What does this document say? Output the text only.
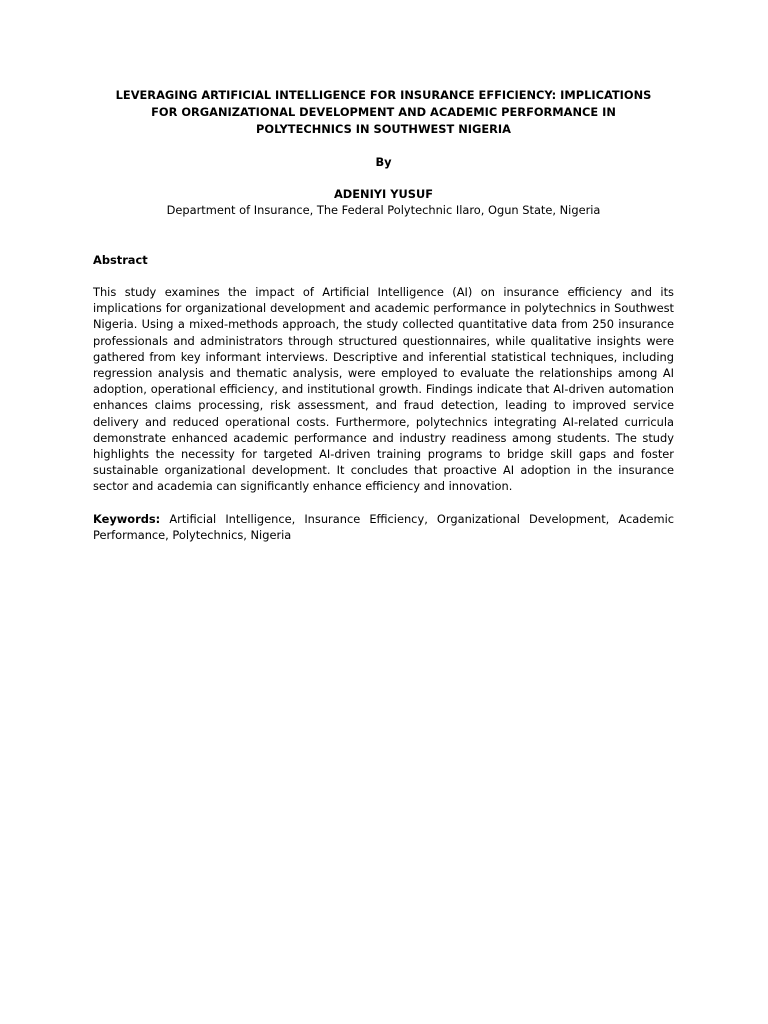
LEVERAGING ARTIFICIAL INTELLIGENCE FOR INSURANCE EFFICIENCY: IMPLICATIONS FOR ORGANIZATIONAL DEVELOPMENT AND ACADEMIC PERFORMANCE IN POLYTECHNICS IN SOUTHWEST NIGERIA
By
ADENIYI YUSUF
Department of Insurance, The Federal Polytechnic Ilaro, Ogun State, Nigeria
Abstract

This study examines the impact of Artificial Intelligence (AI) on insurance efficiency and its implications for organizational development and academic performance in polytechnics in Southwest Nigeria. Using a mixed-methods approach, the study collected quantitative data from 250 insurance professionals and administrators through structured questionnaires, while qualitative insights were gathered from key informant interviews. Descriptive and inferential statistical techniques, including regression analysis and thematic analysis, were employed to evaluate the relationships among AI adoption, operational efficiency, and institutional growth. Findings indicate that AI-driven automation enhances claims processing, risk assessment, and fraud detection, leading to improved service delivery and reduced operational costs. Furthermore, polytechnics integrating AI-related curricula demonstrate enhanced academic performance and industry readiness among students. The study highlights the necessity for targeted AI-driven training programs to bridge skill gaps and foster sustainable organizational development. It concludes that proactive AI adoption in the insurance sector and academia can significantly enhance efficiency and innovation.

Keywords: Artificial Intelligence, Insurance Efficiency, Organizational Development, Academic Performance, Polytechnics, Nigeria
